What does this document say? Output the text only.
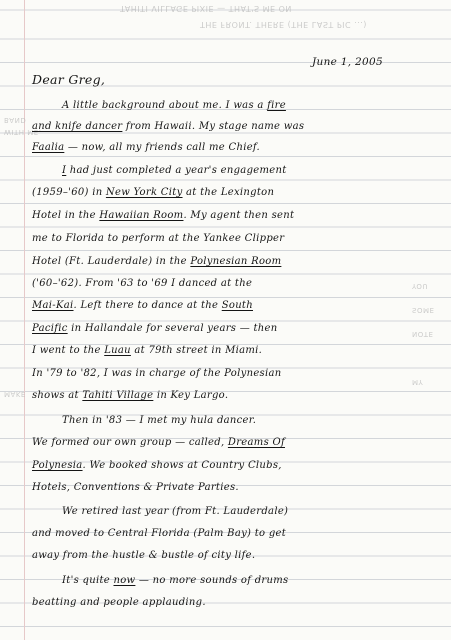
TAHITI VILLAGE PIXIE — THAT'S ME ON
THE FRONT. THERE (THE LAST PIC ...)
BAND
WITH ME.
YOU
SOME
NOTE
MY
MAKE
June 1, 2005
Dear Greg,
A little background about me. I was a fire
and knife dancer from Hawaii. My stage name was
Faalia — now, all my friends call me Chief.
I had just completed a year's engagement
(1959–'60) in New York City at the Lexington
Hotel in the Hawaiian Room. My agent then sent
me to Florida to perform at the Yankee Clipper
Hotel (Ft. Lauderdale) in the Polynesian Room
('60–'62). From '63 to '69 I danced at the
Mai-Kai. Left there to dance at the South
Pacific in Hallandale for several years — then
I went to the Luau at 79th street in Miami.
In '79 to '82, I was in charge of the Polynesian
shows at Tahiti Village in Key Largo.
Then in '83 — I met my hula dancer.
We formed our own group — called, Dreams Of
Polynesia. We booked shows at Country Clubs,
Hotels, Conventions & Private Parties.
We retired last year (from Ft. Lauderdale)
and moved to Central Florida (Palm Bay) to get
away from the hustle & bustle of city life.
It's quite now — no more sounds of drums
beatting and people applauding.
